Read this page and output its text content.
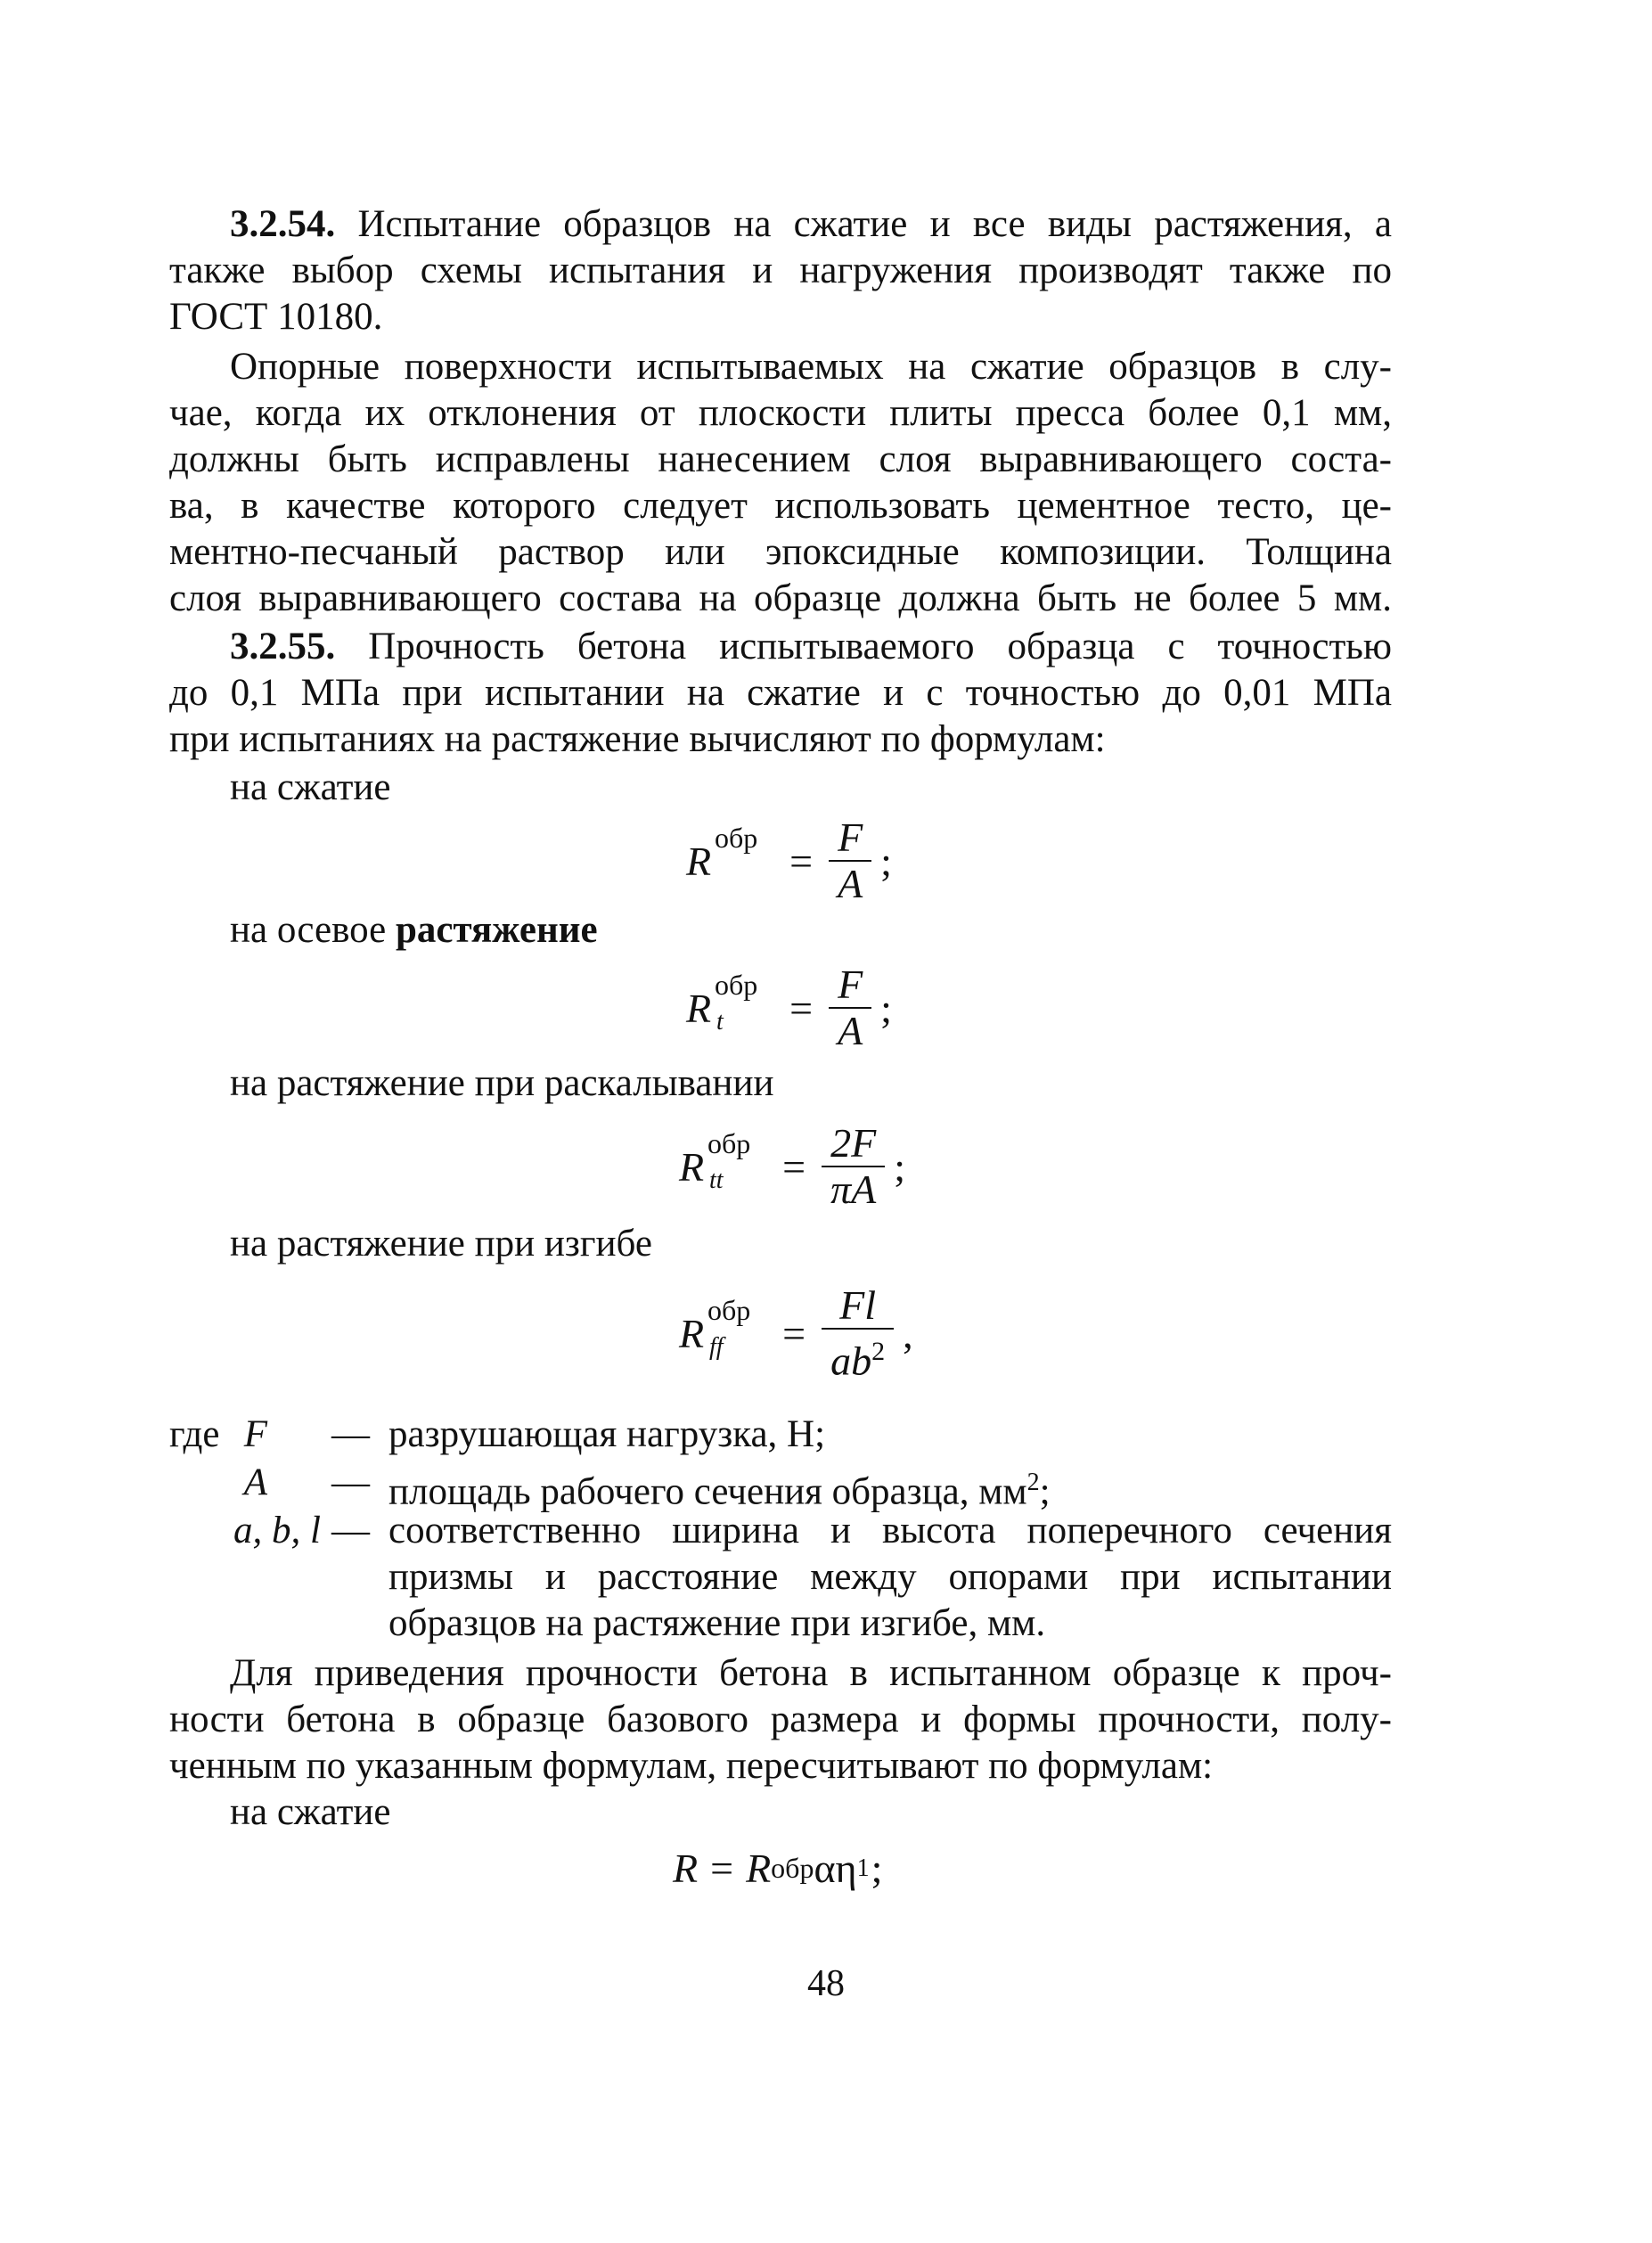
3.2.54. Испытание образцов на сжатие и все виды растяжения, а
также выбор схемы испытания и нагружения производят также по
ГОСТ 10180.
Опорные поверхности испытываемых на сжатие образцов в слу-
чае, когда их отклонения от плоскости плиты пресса более 0,1 мм,
должны быть исправлены нанесением слоя выравнивающего соста-
ва, в качестве которого следует использовать цементное тесто, це-
ментно-песчаный раствор или эпоксидные композиции. Толщина
слоя выравнивающего состава на образце должна быть не более 5 мм.
3.2.55. Прочность бетона испытываемого образца с точностью
до 0,1 МПа при испытании на сжатие и с точностью до 0,01 МПа
при испытаниях на растяжение вычисляют по формулам:
на сжатие
R
обр
= $\frac{F}{A}$ ;
на осевое растяжение
R
обр
$t = \frac{F}{A}$ ;
на растяжение при раскалывании
R
обр
tt = $\frac{2F}{\pi A}$ ;
на растяжение при изгибе
R
обр
ff = $\frac{Fl}{ab^2}$ ,
где F — разрушающая нагрузка, Н;
A — площадь рабочего сечения образца, $мм^2$;
a, b, l — соответственно ширина и высота поперечного сечения
призмы и расстояние между опорами при испытании
образцов на растяжение при изгибе, мм.
Для приведения прочности бетона в испытанном образце к проч-
ности бетона в образце базового размера и формы прочности, полу-
ченным по указанным формулам, пересчитывают по формулам:
на сжатие
R = R обр αη 1 ;
48
